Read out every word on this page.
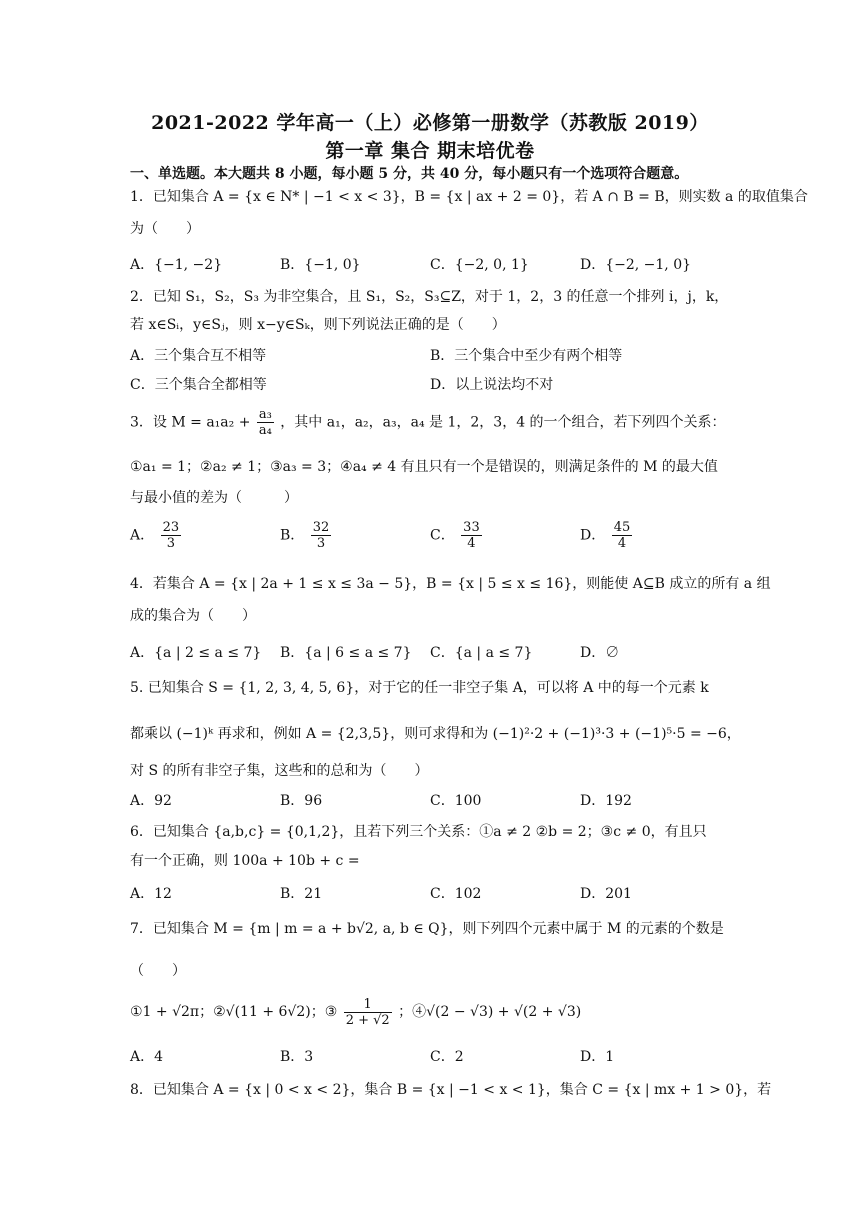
2021-2022 学年高一（上）必修第一册数学（苏教版 2019）
第一章 集合 期末培优卷
一、单选题。本大题共 8 小题，每小题 5 分，共 40 分，每小题只有一个选项符合题意。
1．已知集合 A = {x ∈ N* | −1 < x < 3}，B = {x | ax + 2 = 0}，若 A ∩ B = B，则实数 a 的取值集合
为（　　）
A．{−1, −2}	B．{−1, 0}	C．{−2, 0, 1}	D．{−2, −1, 0}
2．已知 S₁，S₂，S₃ 为非空集合，且 S₁，S₂，S₃⊆Z，对于 1，2，3 的任意一个排列 i，j，k，
若 x∈Sᵢ，y∈Sⱼ，则 x−y∈Sₖ，则下列说法正确的是（　　）
A．三个集合互不相等	B．三个集合中至少有两个相等
C．三个集合全都相等	D．以上说法均不对
3．设 $M = a_1a_2 + \frac{\text{a₃}}{\text{a₄}}$ ，其中 a₁，a₂，a₃，a₄ 是 1，2，3，4 的一个组合，若下列四个关系：
①a₁ = 1；②a₂ ≠ 1；③a₃ = 3；④a₄ ≠ 4 有且只有一个是错误的，则满足条件的 M 的最大值
与最小值的差为（　　　）
A． $\frac{23}{3}$	B． $\frac{32}{3}$	C． $\frac{33}{4}$	D． $\frac{45}{4}$
4．若集合 A = {x | 2a + 1 ≤ x ≤ 3a − 5}，B = {x | 5 ≤ x ≤ 16}，则能使 A⊆B 成立的所有 a 组
成的集合为（　　）
A．{a | 2 ≤ a ≤ 7} B．{a | 6 ≤ a ≤ 7} C．{a | a ≤ 7}	D．∅
5. 已知集合 S = {1, 2, 3, 4, 5, 6}，对于它的任一非空子集 A，可以将 A 中的每一个元素 k
都乘以 (−1)ᵏ 再求和，例如 A = {2,3,5}，则可求得和为 (−1)²·2 + (−1)³·3 + (−1)⁵·5 = −6，
对 S 的所有非空子集，这些和的总和为（　　）
A．92	B．96	C．100	D．192
6．已知集合 {a,b,c} = {0,1,2}，且若下列三个关系：①a ≠ 2 ②b = 2；③c ≠ 0，有且只
有一个正确，则 100a + 10b + c =
A．12	B．21	C．102	D．201
7．已知集合 M = {m | m = a + b√2, a, b ∈ Q}，则下列四个元素中属于 M 的元素的个数是
（　　）
①1 + √2π；②√(11 + 6√2)；③ $\frac{1}{2 + √2}$ ；④√(2 − √3) + √(2 + √3)
A．4	B．3	C．2	D．1
8．已知集合 A = {x | 0 < x < 2}，集合 B = {x | −1 < x < 1}，集合 C = {x | mx + 1 > 0}，若
